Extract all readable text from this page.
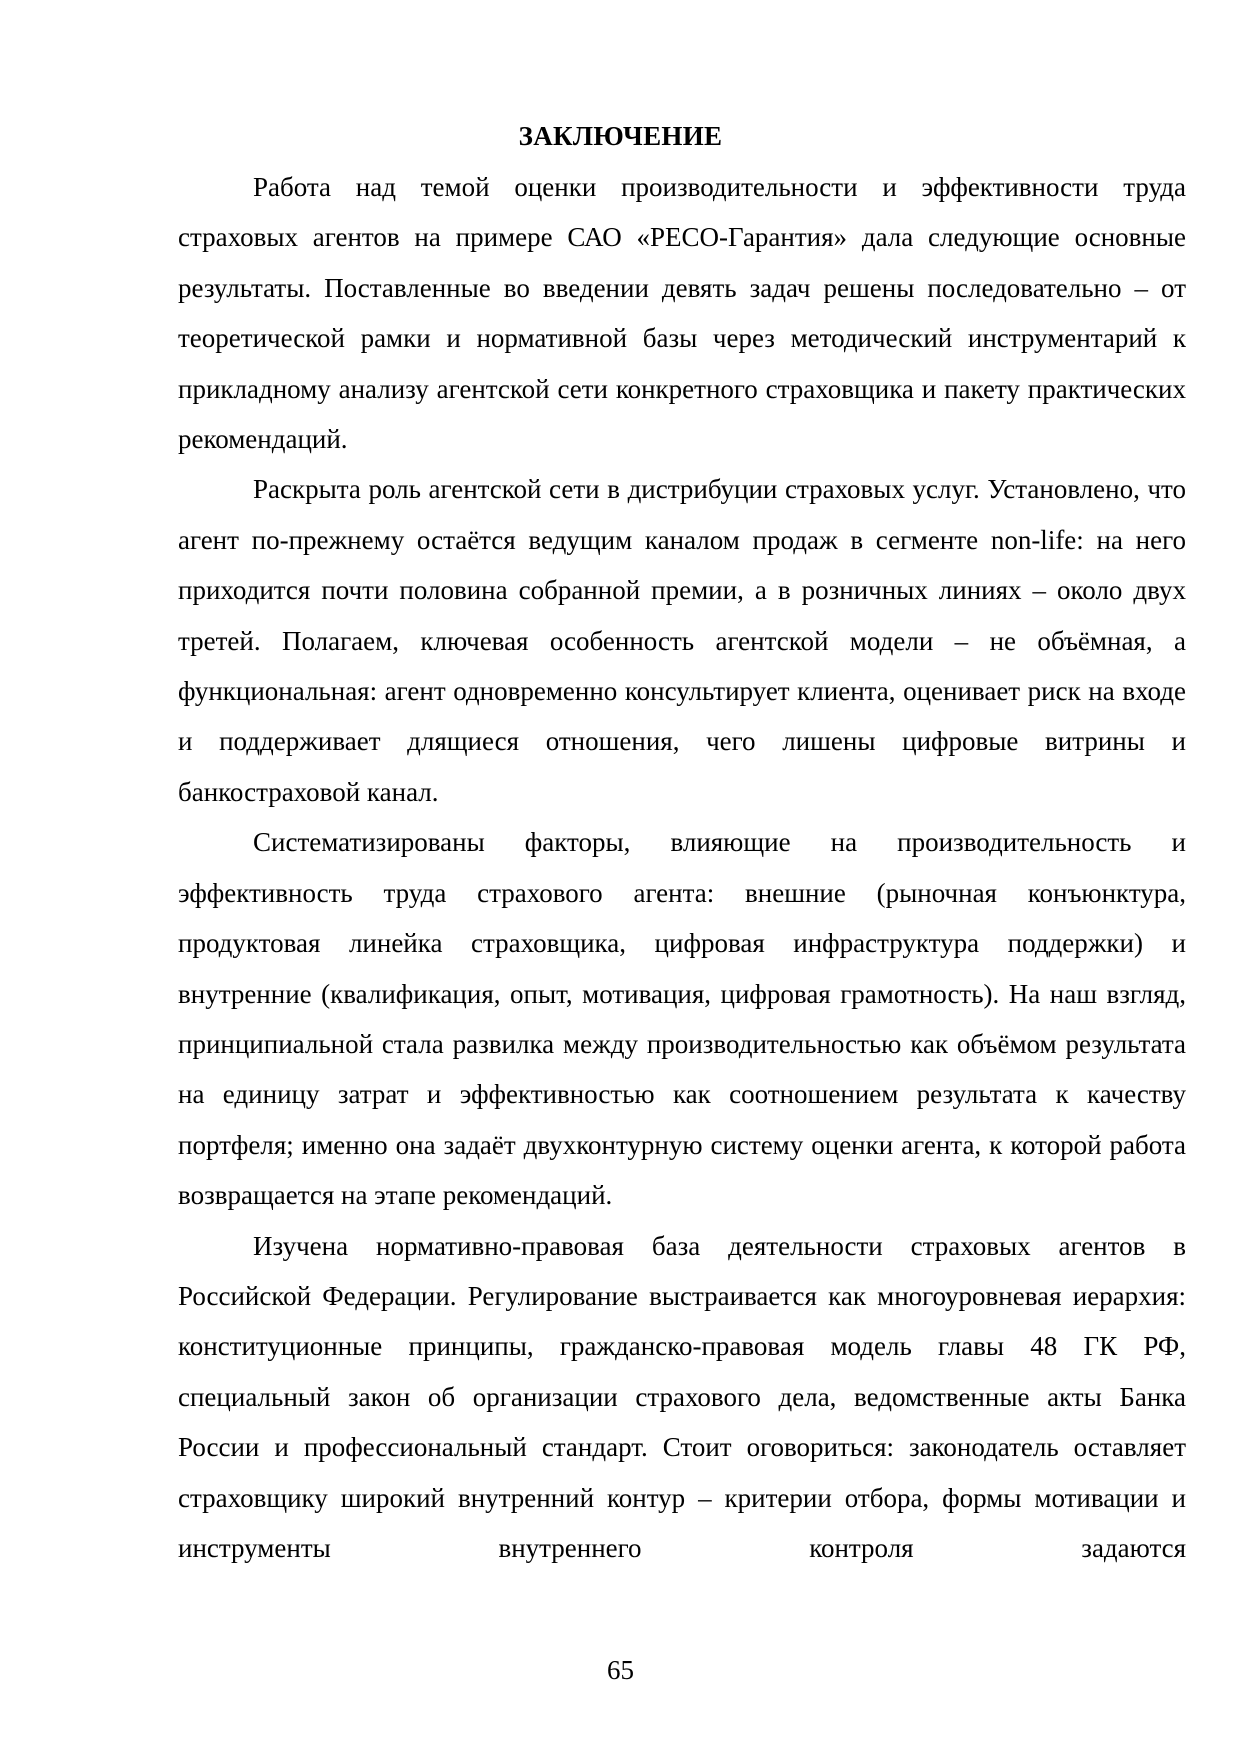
ЗАКЛЮЧЕНИЕ

Работа над темой оценки производительности и эффективности труда страховых агентов на примере САО «РЕСО-Гарантия» дала следующие основные результаты. Поставленные во введении девять задач решены последовательно – от теоретической рамки и нормативной базы через методический инструментарий к прикладному анализу агентской сети конкретного страховщика и пакету практических рекомендаций.

Раскрыта роль агентской сети в дистрибуции страховых услуг. Установлено, что агент по-прежнему остаётся ведущим каналом продаж в сегменте non-life: на него приходится почти половина собранной премии, а в розничных линиях – около двух третей. Полагаем, ключевая особенность агентской модели – не объёмная, а функциональная: агент одновременно консультирует клиента, оценивает риск на входе и поддерживает длящиеся отношения, чего лишены цифровые витрины и банкостраховой канал.

Систематизированы факторы, влияющие на производительность и эффективность труда страхового агента: внешние (рыночная конъюнктура, продуктовая линейка страховщика, цифровая инфраструктура поддержки) и внутренние (квалификация, опыт, мотивация, цифровая грамотность). На наш взгляд, принципиальной стала развилка между производительностью как объёмом результата на единицу затрат и эффективностью как соотношением результата к качеству портфеля; именно она задаёт двухконтурную систему оценки агента, к которой работа возвращается на этапе рекомендаций.

Изучена нормативно-правовая база деятельности страховых агентов в Российской Федерации. Регулирование выстраивается как многоуровневая иерархия: конституционные принципы, гражданско-правовая модель главы 48 ГК РФ, специальный закон об организации страхового дела, ведомственные акты Банка России и профессиональный стандарт. Стоит оговориться: законодатель оставляет страховщику широкий внутренний контур – критерии отбора, формы мотивации и инструменты внутреннего контроля задаются

65
